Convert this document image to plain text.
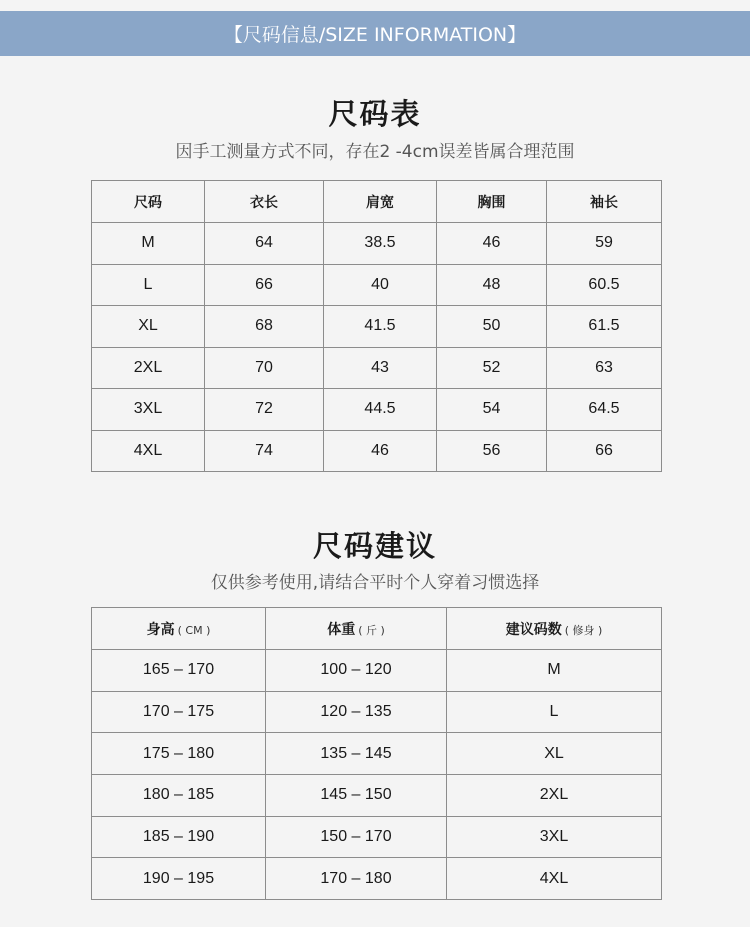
【尺码信息/SIZE INFORMATION】
尺码表
因手工测量方式不同，存在2 -4cm误差皆属合理范围
尺码	衣长	肩宽	胸围	袖长
M	64	38.5	46	59
L	66	40	48	60.5
XL	68	41.5	50	61.5
2XL	70	43	52	63
3XL	72	44.5	54	64.5
4XL	74	46	56	66
尺码建议
仅供参考使用,请结合平时个人穿着习惯选择
身高 ( CM )	体重 ( 斤 )	建议码数 ( 修身 )
165 – 170	100 – 120	M
170 – 175	120 – 135	L
175 – 180	135 – 145	XL
180 – 185	145 – 150	2XL
185 – 190	150 – 170	3XL
190 – 195	170 – 180	4XL
